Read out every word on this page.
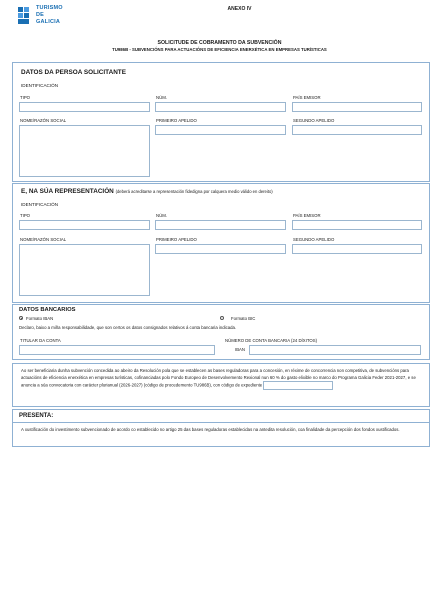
TURISMO
DE
GALICIA
ANEXO IV
SOLICITUDE DE COBRAMENTO DA SUBVENCIÓN
TU986B - SUBVENCIÓNS PARA ACTUACIÓNS DE EFICIENCIA ENERXÉTICA EN EMPRESAS TURÍSTICAS
DATOS DA PERSOA SOLICITANTE
IDENTIFICACIÓN
TIPO	NÚM.	PAÍS EMISOR
NOME/RAZÓN SOCIAL	PRIMEIRO APELIDO	SEGUNDO APELIDO
E, NA SÚA REPRESENTACIÓN (deberá acreditarse a representación fidedigna por calquera medio válido en dereito)
IDENTIFICACIÓN
TIPO	NÚM.	PAÍS EMISOR
NOME/RAZÓN SOCIAL	PRIMEIRO APELIDO	SEGUNDO APELIDO
DATOS BANCARIOS
Formato IBAN	Formato BIC
Declaro, baixo a miña responsabilidade, que son certos os datos consignados relativos á conta bancaria indicada.
TITULAR DA CONTA	NÚMERO DE CONTA BANCARIA (24 DÍXITOS)
IBAN
Ao ser beneficiaria dunha subvención concedida ao abeiro da Resolución pola que se establecen as bases reguladoras para a concesión, en réxime de concorrencia non competitiva, de subvencións para actuacións de eficiencia enerxética en empresas turísticas, cofinanciadas polo Fondo Europeo de Desenvolvemento Rexional nun 60 % do gasto elixible no marco do Programa Galicia Feder 2021-2027, e se anuncia a súa convocatoria con carácter plurianual (2026-2027) (código de procedemento TU986B), con código de expediente
PRESENTA:
A xustificación do investimento subvencionado de acordo co establecido no artigo 25 das bases reguladoras establecidas na antedita resolución, coa finalidade da percepción dos fondos xustificados.
